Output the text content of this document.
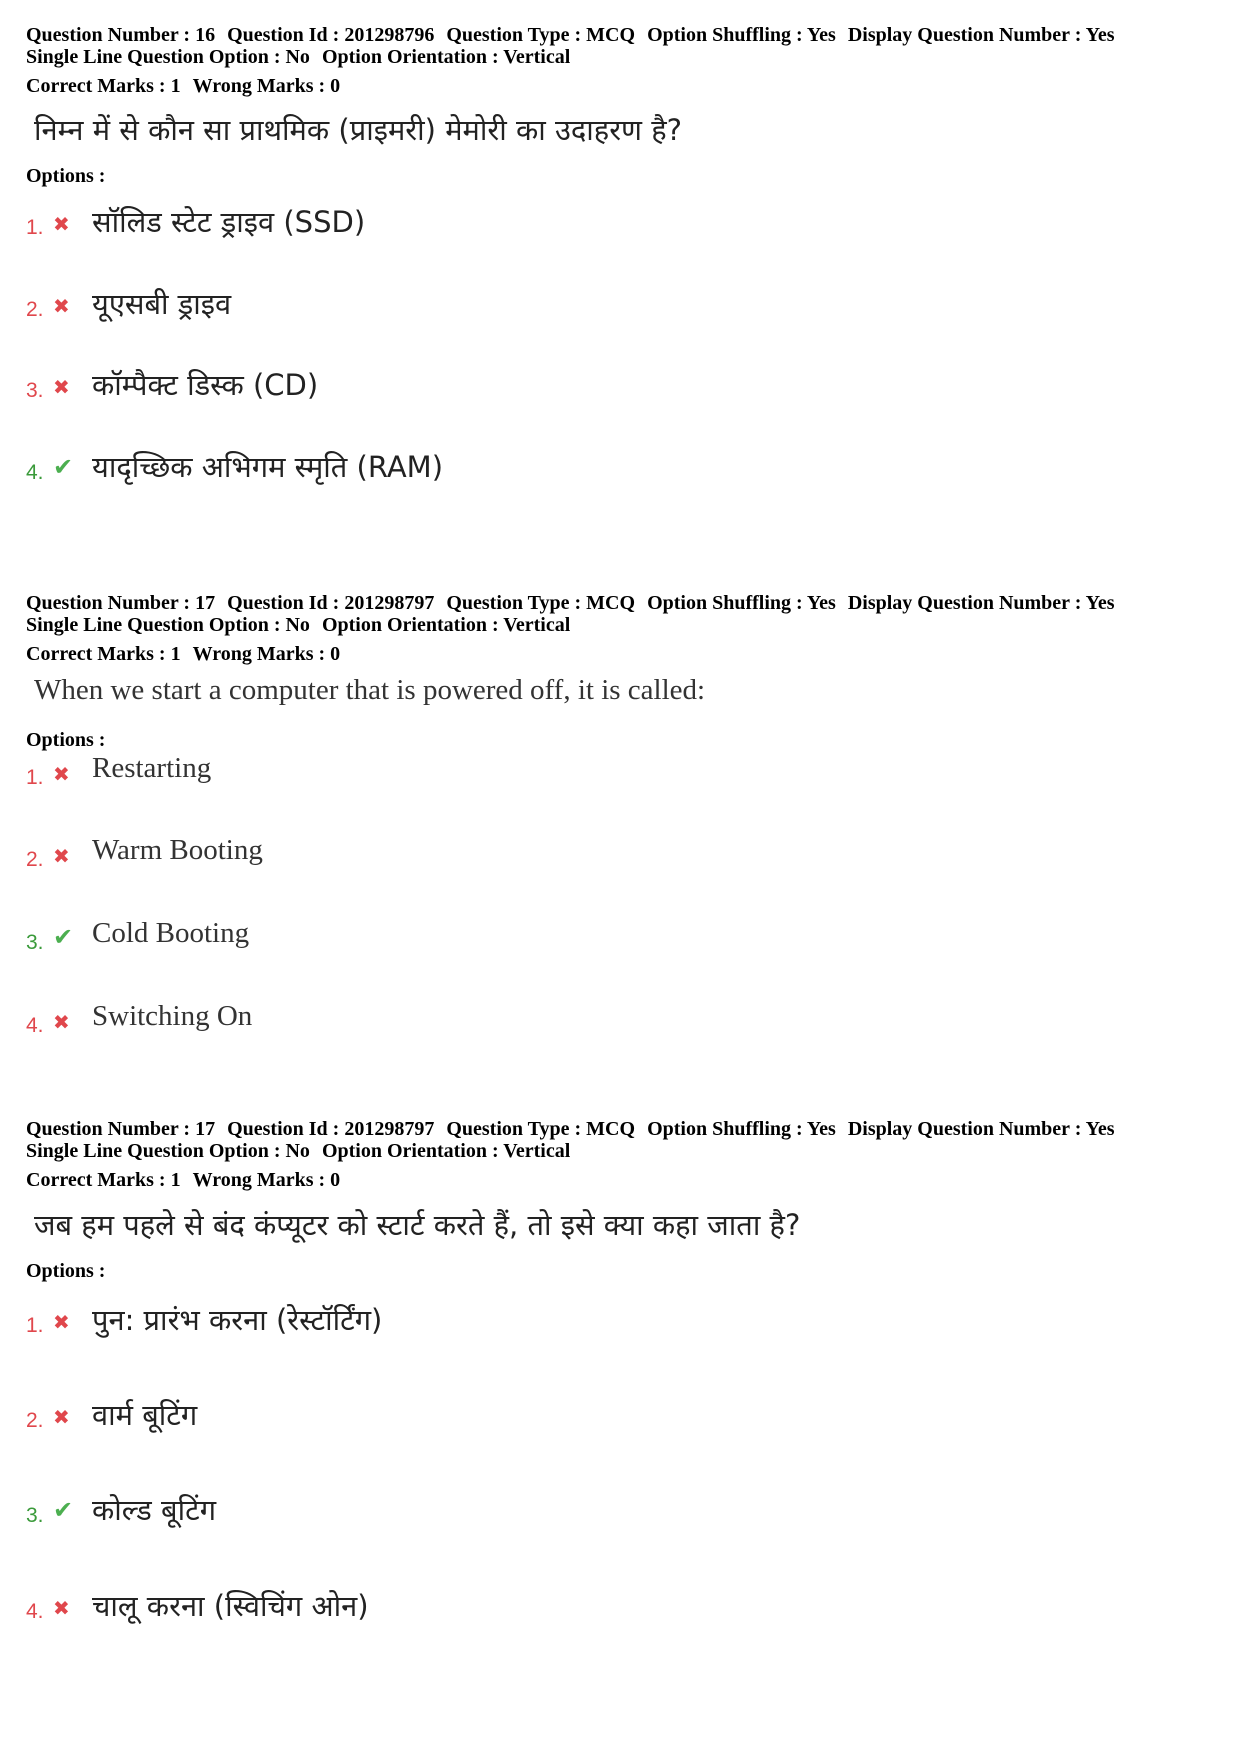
Question Number : 16 Question Id : 201298796 Question Type : MCQ Option Shuffling : Yes Display Question Number : Yes
Single Line Question Option : No Option Orientation : Vertical
Correct Marks : 1 Wrong Marks : 0
निम्न में से कौन सा प्राथमिक (प्राइमरी) मेमोरी का उदाहरण है?
Options :
1. ✖ सॉलिड स्टेट ड्राइव (SSD)
2. ✖ यूएसबी ड्राइव
3. ✖ कॉम्पैक्ट डिस्क (CD)
4. ✔ यादृच्छिक अभिगम स्मृति (RAM)
Question Number : 17 Question Id : 201298797 Question Type : MCQ Option Shuffling : Yes Display Question Number : Yes
Single Line Question Option : No Option Orientation : Vertical
Correct Marks : 1 Wrong Marks : 0
When we start a computer that is powered off, it is called:
Options :
1. ✖ Restarting
2. ✖ Warm Booting
3. ✔ Cold Booting
4. ✖ Switching On
Question Number : 17 Question Id : 201298797 Question Type : MCQ Option Shuffling : Yes Display Question Number : Yes
Single Line Question Option : No Option Orientation : Vertical
Correct Marks : 1 Wrong Marks : 0
जब हम पहले से बंद कंप्यूटर को स्टार्ट करते हैं, तो इसे क्या कहा जाता है?
Options :
1. ✖ पुन: प्रारंभ करना (रेस्टॉर्टिंग)
2. ✖ वार्म बूटिंग
3. ✔ कोल्ड बूटिंग
4. ✖ चालू करना (स्विचिंग ओन)
